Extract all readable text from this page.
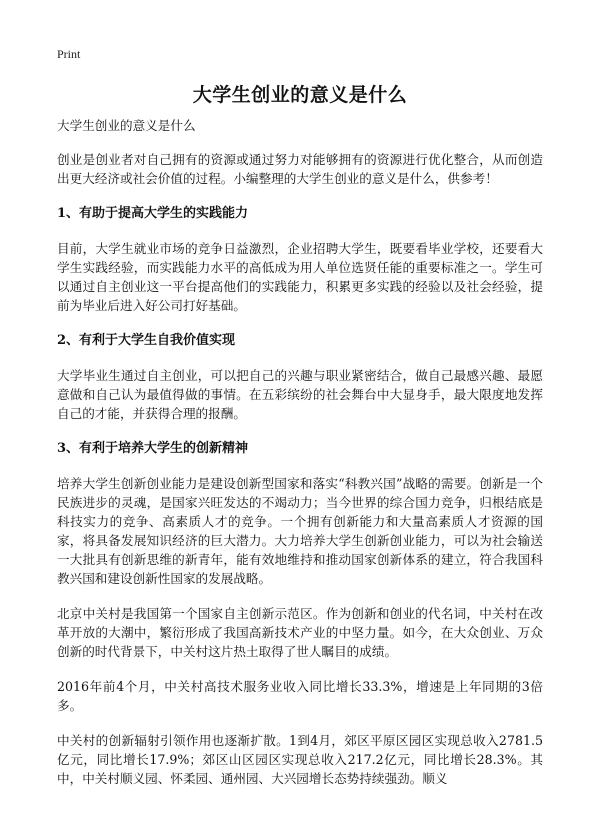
Print
大学生创业的意义是什么

大学生创业的意义是什么

创业是创业者对自己拥有的资源或通过努力对能够拥有的资源进行优化整合，从而创造出更大经济或社会价值的过程。小编整理的大学生创业的意义是什么，供参考！

1、有助于提高大学生的实践能力

目前，大学生就业市场的竞争日益激烈，企业招聘大学生，既要看毕业学校，还要看大学生实践经验，而实践能力水平的高低成为用人单位选贤任能的重要标准之一。学生可以通过自主创业这一平台提高他们的实践能力，积累更多实践的经验以及社会经验，提前为毕业后进入好公司打好基础。

2、有利于大学生自我价值实现

大学毕业生通过自主创业，可以把自己的兴趣与职业紧密结合，做自己最感兴趣、最愿意做和自己认为最值得做的事情。在五彩缤纷的社会舞台中大显身手，最大限度地发挥自己的才能，并获得合理的报酬。

3、有利于培养大学生的创新精神

培养大学生创新创业能力是建设创新型国家和落实“科教兴国”战略的需要。创新是一个民族进步的灵魂，是国家兴旺发达的不竭动力；当今世界的综合国力竞争，归根结底是科技实力的竞争、高素质人才的竞争。一个拥有创新能力和大量高素质人才资源的国家，将具备发展知识经济的巨大潜力。大力培养大学生创新创业能力，可以为社会输送一大批具有创新思维的新青年，能有效地维持和推动国家创新体系的建立，符合我国科教兴国和建设创新性国家的发展战略。

北京中关村是我国第一个国家自主创新示范区。作为创新和创业的代名词，中关村在改革开放的大潮中，繁衍形成了我国高新技术产业的中坚力量。如今，在大众创业、万众创新的时代背景下，中关村这片热土取得了世人瞩目的成绩。

2016年前4个月，中关村高技术服务业收入同比增长33.3%，增速是上年同期的3倍多。

中关村的创新辐射引领作用也逐渐扩散。1到4月，郊区平原区园区实现总收入2781.5亿元，同比增长17.9%；郊区山区园区实现总收入217.2亿元，同比增长28.3%。其中，中关村顺义园、怀柔园、通州园、大兴园增长态势持续强劲。顺义
